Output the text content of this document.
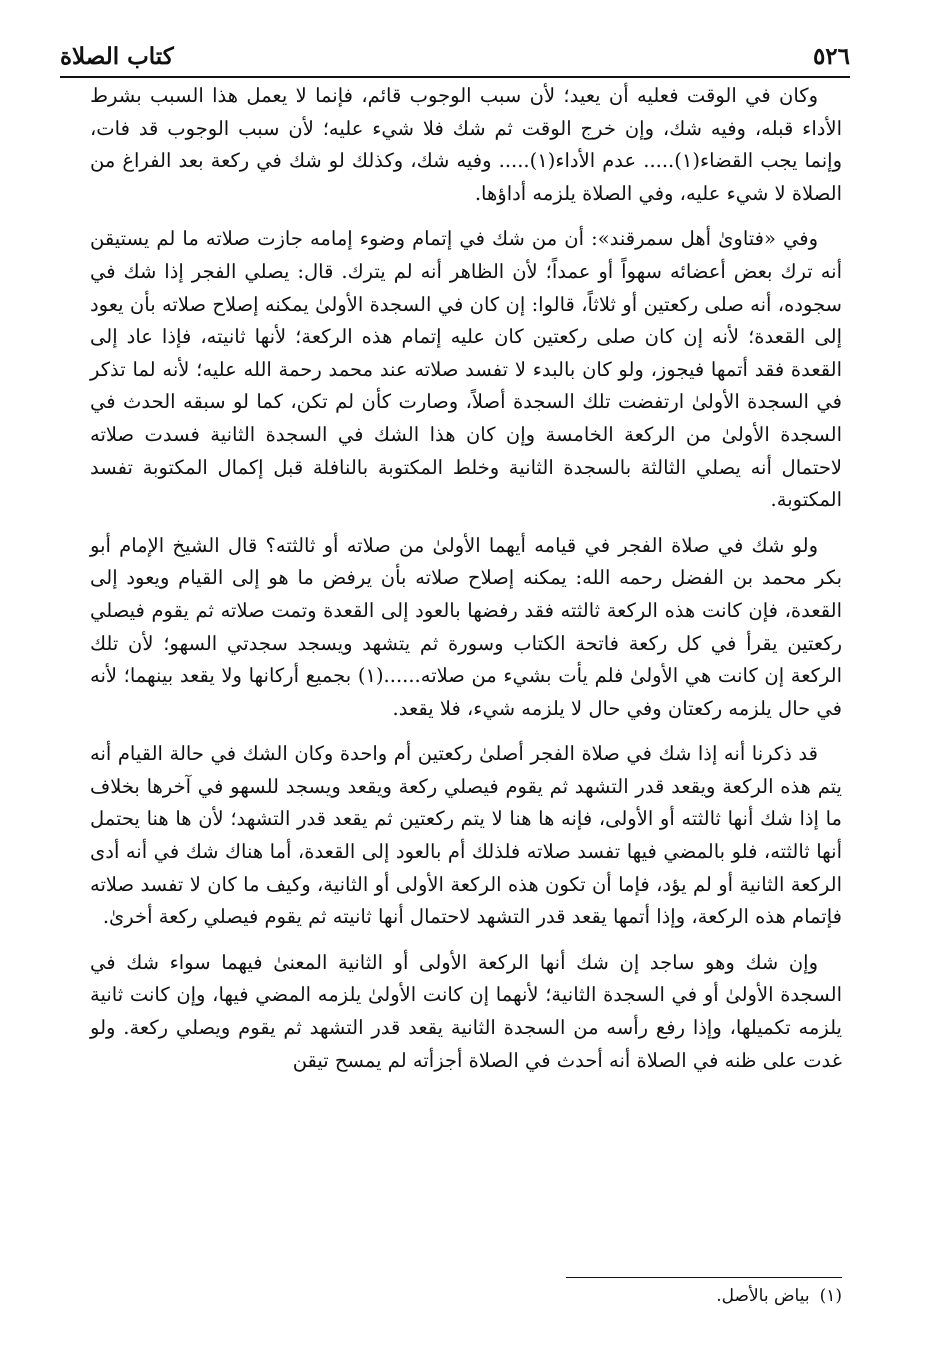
٥٢٦
كتاب الصلاة

وكان في الوقت فعليه أن يعيد؛ لأن سبب الوجوب قائم، فإنما لا يعمل هذا السبب بشرط الأداء قبله، وفيه شك، وإن خرج الوقت ثم شك فلا شيء عليه؛ لأن سبب الوجوب قد فات، وإنما يجب القضاء(١)..... عدم الأداء(١)..... وفيه شك، وكذلك لو شك في ركعة بعد الفراغ من الصلاة لا شيء عليه، وفي الصلاة يلزمه أداؤها.

وفي «فتاوىٰ أهل سمرقند»: أن من شك في إتمام وضوء إمامه جازت صلاته ما لم يستيقن أنه ترك بعض أعضائه سهواً أو عمداً؛ لأن الظاهر أنه لم يترك. قال: يصلي الفجر إذا شك في سجوده، أنه صلى ركعتين أو ثلاثاً، قالوا: إن كان في السجدة الأولىٰ يمكنه إصلاح صلاته بأن يعود إلى القعدة؛ لأنه إن كان صلى ركعتين كان عليه إتمام هذه الركعة؛ لأنها ثانيته، فإذا عاد إلى القعدة فقد أتمها فيجوز، ولو كان بالبدء لا تفسد صلاته عند محمد رحمة الله عليه؛ لأنه لما تذكر في السجدة الأولىٰ ارتفضت تلك السجدة أصلاً، وصارت كأن لم تكن، كما لو سبقه الحدث في السجدة الأولىٰ من الركعة الخامسة وإن كان هذا الشك في السجدة الثانية فسدت صلاته لاحتمال أنه يصلي الثالثة بالسجدة الثانية وخلط المكتوبة بالنافلة قبل إكمال المكتوبة تفسد المكتوبة.

ولو شك في صلاة الفجر في قيامه أيهما الأولىٰ من صلاته أو ثالثته؟ قال الشيخ الإمام أبو بكر محمد بن الفضل رحمه الله: يمكنه إصلاح صلاته بأن يرفض ما هو إلى القيام ويعود إلى القعدة، فإن كانت هذه الركعة ثالثته فقد رفضها بالعود إلى القعدة وتمت صلاته ثم يقوم فيصلي ركعتين يقرأ في كل ركعة فاتحة الكتاب وسورة ثم يتشهد ويسجد سجدتي السهو؛ لأن تلك الركعة إن كانت هي الأولىٰ فلم يأت بشيء من صلاته......(١) بجميع أركانها ولا يقعد بينهما؛ لأنه في حال يلزمه ركعتان وفي حال لا يلزمه شيء، فلا يقعد.

قد ذكرنا أنه إذا شك في صلاة الفجر أصلىٰ ركعتين أم واحدة وكان الشك في حالة القيام أنه يتم هذه الركعة ويقعد قدر التشهد ثم يقوم فيصلي ركعة ويقعد ويسجد للسهو في آخرها بخلاف ما إذا شك أنها ثالثته أو الأولى، فإنه ها هنا لا يتم ركعتين ثم يقعد قدر التشهد؛ لأن ها هنا يحتمل أنها ثالثته، فلو بالمضي فيها تفسد صلاته فلذلك أم بالعود إلى القعدة، أما هناك شك في أنه أدى الركعة الثانية أو لم يؤد، فإما أن تكون هذه الركعة الأولى أو الثانية، وكيف ما كان لا تفسد صلاته فإتمام هذه الركعة، وإذا أتمها يقعد قدر التشهد لاحتمال أنها ثانيته ثم يقوم فيصلي ركعة أخرىٰ.

وإن شك وهو ساجد إن شك أنها الركعة الأولى أو الثانية المعنىٰ فيهما سواء شك في السجدة الأولىٰ أو في السجدة الثانية؛ لأنهما إن كانت الأولىٰ يلزمه المضي فيها، وإن كانت ثانية يلزمه تكميلها، وإذا رفع رأسه من السجدة الثانية يقعد قدر التشهد ثم يقوم ويصلي ركعة. ولو غدت على ظنه في الصلاة أنه أحدث في الصلاة أجزأته لم يمسح تيقن

(١)بياض بالأصل.
